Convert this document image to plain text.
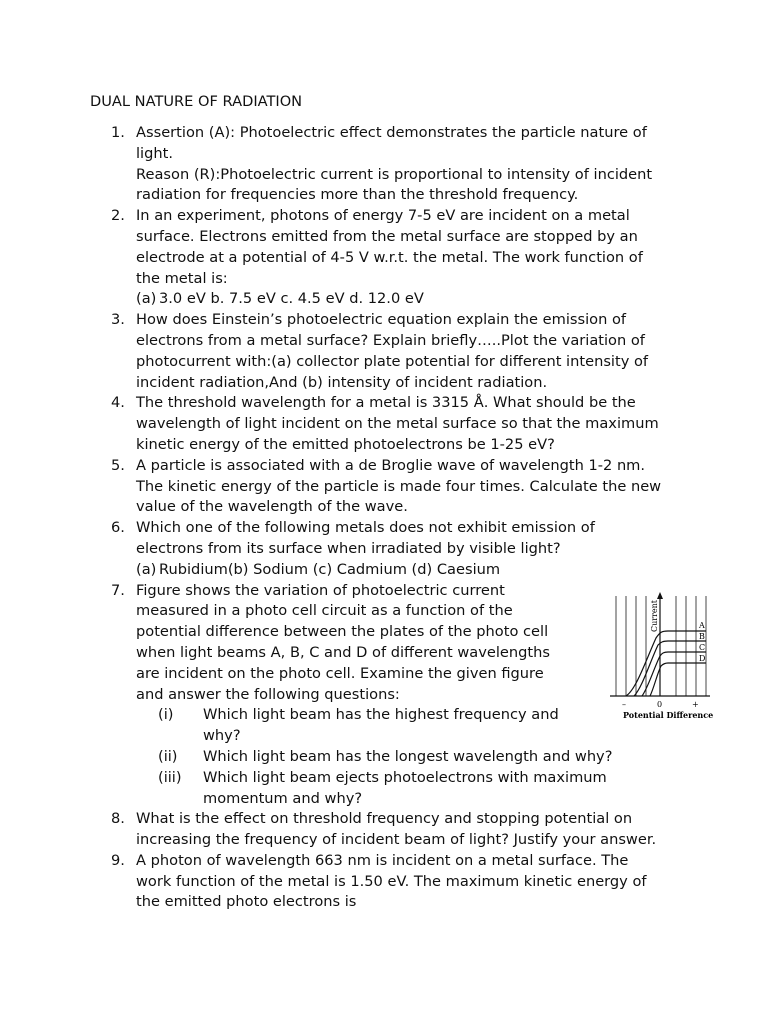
DUAL NATURE OF RADIATION
1. Assertion (A): Photoelectric effect demonstrates the particle nature of
light.
Reason (R):Photoelectric current is proportional to intensity of incident
radiation for frequencies more than the threshold frequency.
2. In an experiment, photons of energy 7-5 eV are incident on a metal
surface. Electrons emitted from the metal surface are stopped by an
electrode at a potential of 4-5 V w.r.t. the metal. The work function of
the metal is:
(a) 3.0 eV b. 7.5 eV c. 4.5 eV d. 12.0 eV
3. How does Einstein’s photoelectric equation explain the emission of
electrons from a metal surface? Explain briefly…..Plot the variation of
photocurrent with:(a) collector plate potential for different intensity of
incident radiation,And (b) intensity of incident radiation.
4. The threshold wavelength for a metal is 3315 Å. What should be the
wavelength of light incident on the metal surface so that the maximum
kinetic energy of the emitted photoelectrons be 1-25 eV?
5. A particle is associated with a de Broglie wave of wavelength 1-2 nm.
The kinetic energy of the particle is made four times. Calculate the new
value of the wavelength of the wave.
6. Which one of the following metals does not exhibit emission of
electrons from its surface when irradiated by visible light?
(a) Rubidium(b) Sodium (c) Cadmium (d) Caesium
7. Figure shows the variation of photoelectric current
measured in a photo cell circuit as a function of the
potential difference between the plates of the photo cell
when light beams A, B, C and D of different wavelengths
are incident on the photo cell. Examine the given figure
and answer the following questions:
(i) Which light beam has the highest frequency and
why?
(ii) Which light beam has the longest wavelength and why?
(iii) Which light beam ejects photoelectrons with maximum
momentum and why?
8. What is the effect on threshold frequency and stopping potential on
increasing the frequency of incident beam of light? Justify your answer.
9. A photon of wavelength 663 nm is incident on a metal surface. The
work function of the metal is 1.50 eV. The maximum kinetic energy of
the emitted photo electrons is
Current	A
B
C
D
–	0	+
Potential Difference
